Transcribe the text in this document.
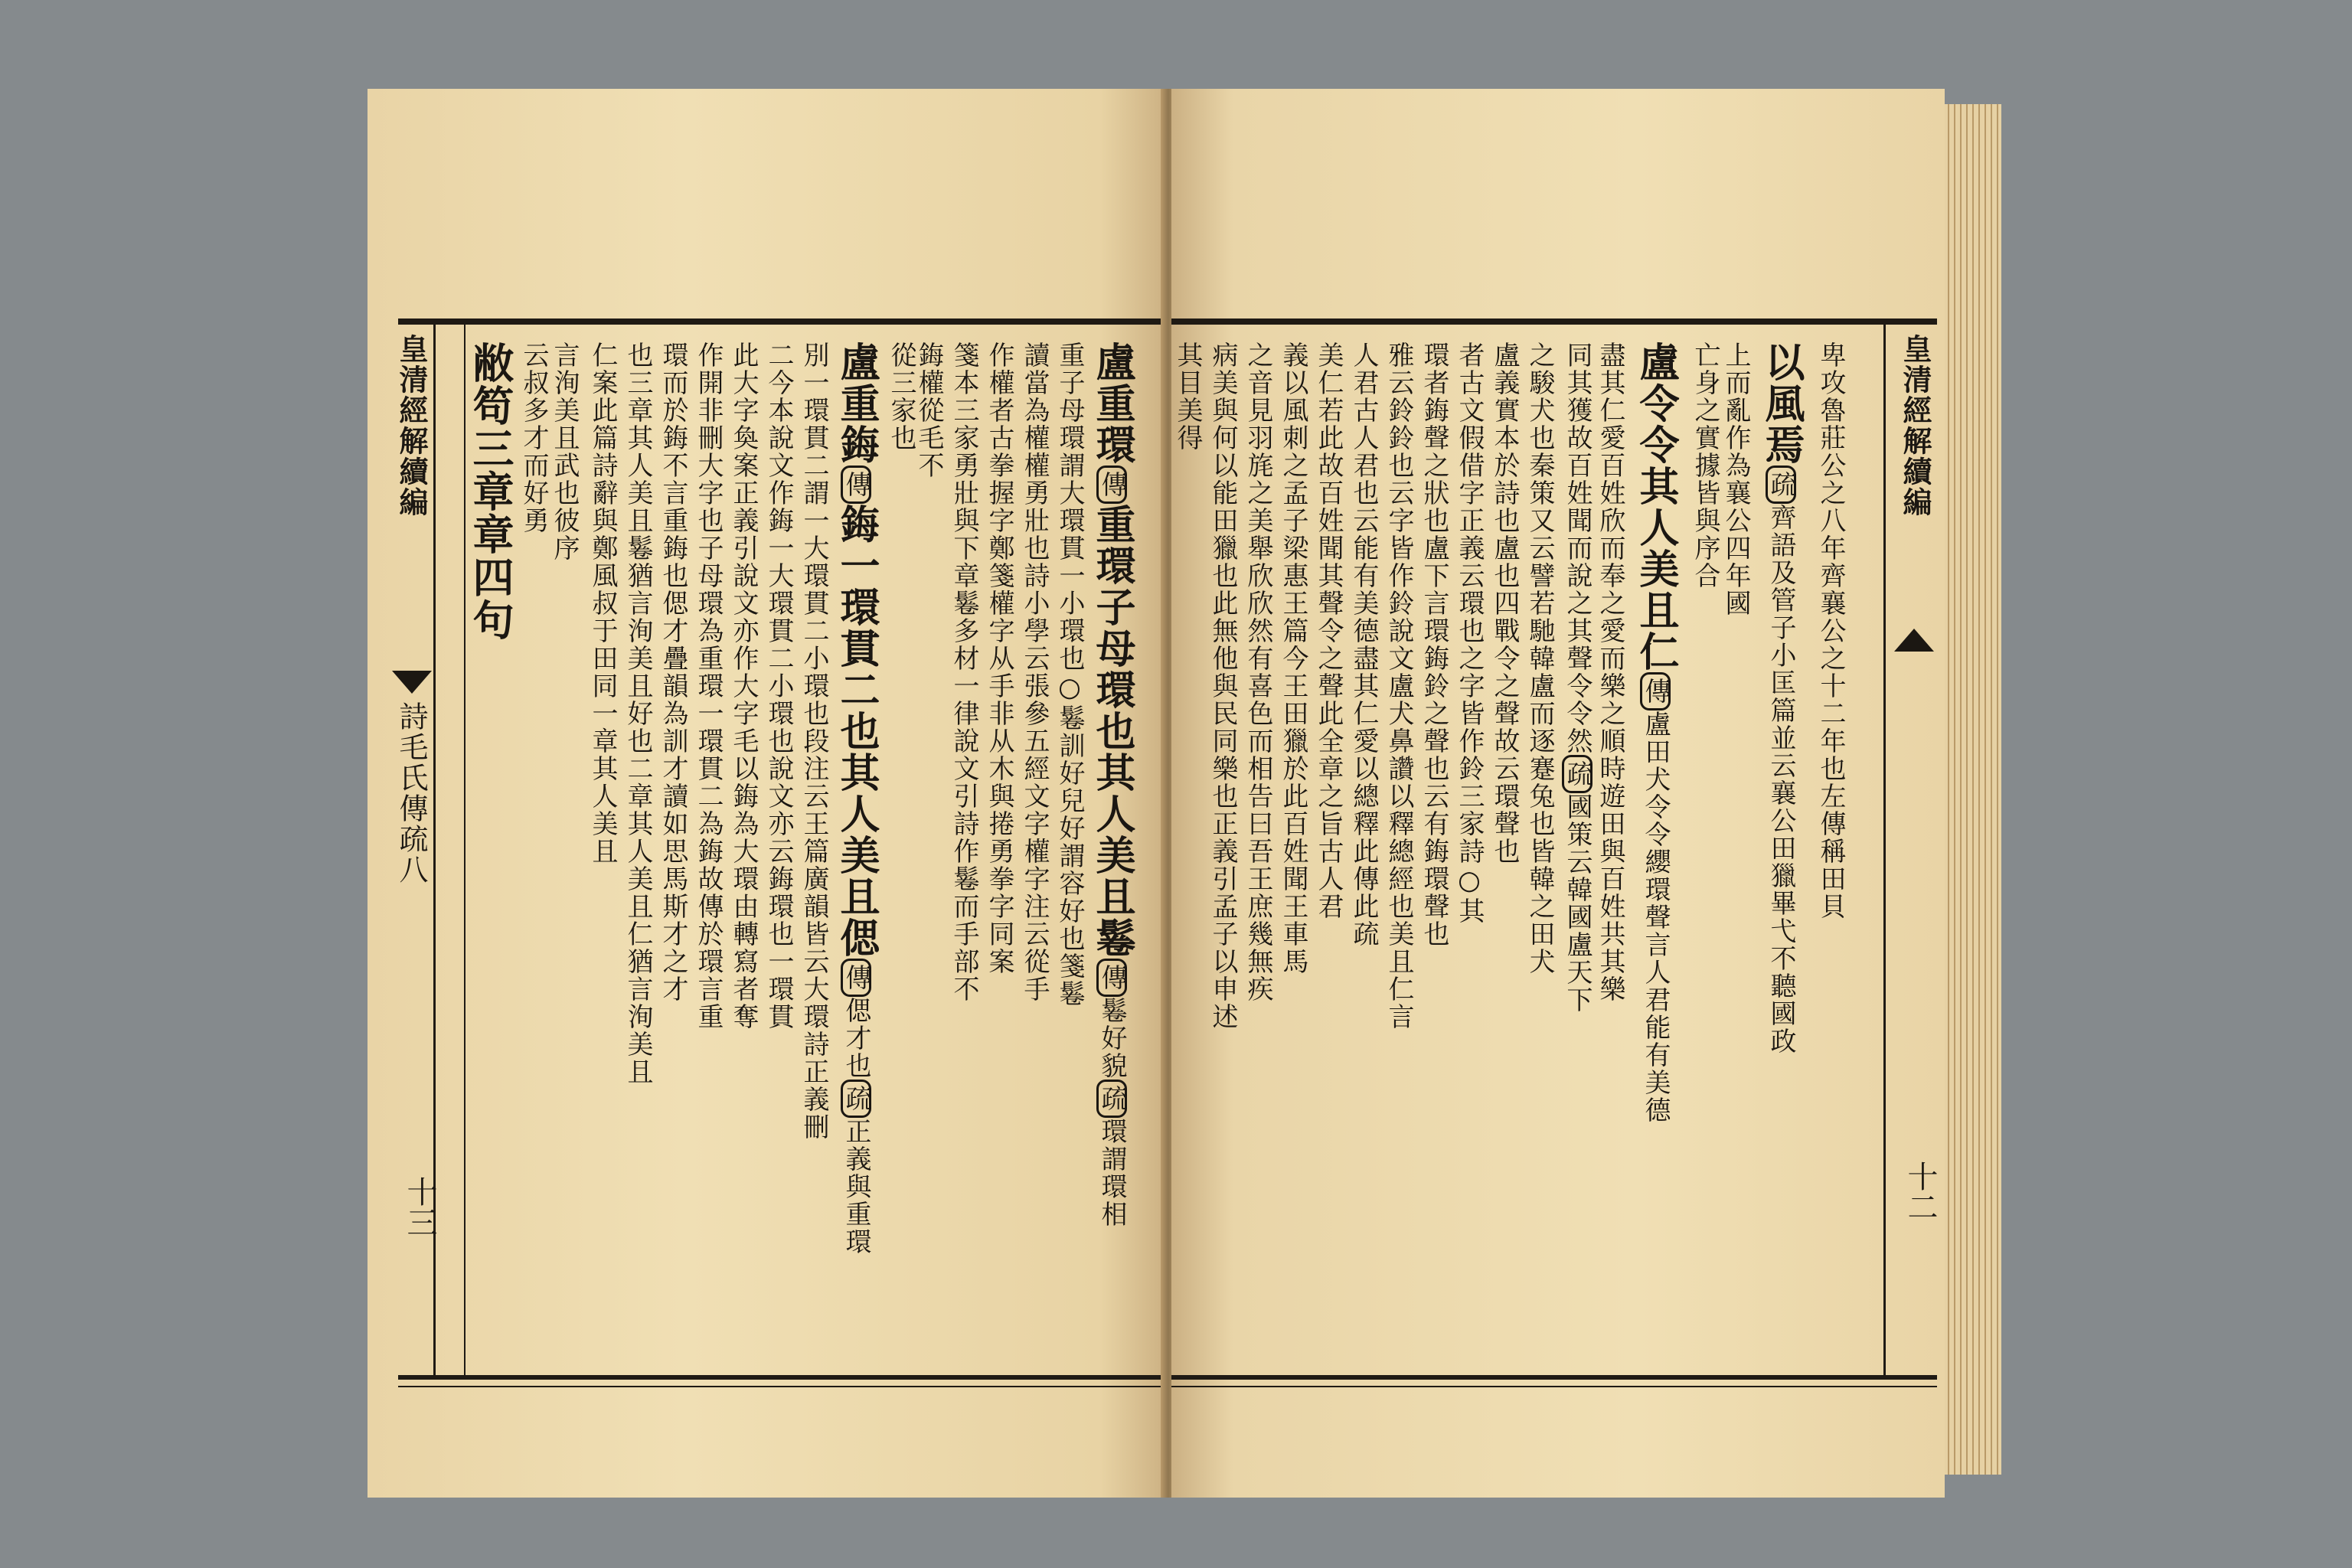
皇清經解續編
詩毛氏傳疏八
十三
敝笱三章章四句 云叔多才而好勇 言洵美且武也彼序 仁案此篇詩辭與鄭風叔于田同一章其人美且 也三章其人美且鬈猶言洵美且好也二章其人美且仁猶言洵美且 環而於鋂不言重鋂也偲才疊韻為訓才讀如思馬斯才之才 作開非刪大字也子母環為重環一環貫二為鋂故傳於環言重 此大字奐案正義引說文亦作大字毛以鋂為大環由轉寫者奪 二今本說文作鋂一大環貫二小環也說文亦云鋂環也一環貫 別一環貫二謂一大環貫二小環也段注云王篇廣韻皆云大環詩正義刪 盧重鋂傳鋂一環貫二也其人美且偲傳偲才也疏正義與重環
從三家也
鋂權從毛不 箋本三家勇壯與下章鬈多材一律說文引詩作鬈而手部不 作權者古拳握字鄭箋權字从手非从木與捲勇拳字同案 讀當為權權勇壯也詩小學云張參五經文字權字注云從手 重子母環謂大環貫一小環也○鬈訓好兒好謂容好也箋鬈 盧重環傳重環子母環也其人美且鬈傳鬈好貌疏環謂環相
皇清經解續編
十二
其目美得 病美與何以能田獵也此無他與民同樂也正義引孟子以申述 之音見羽旄之美舉欣欣然有喜色而相告曰吾王庶幾無疾 義以風刺之孟子梁惠王篇今王田獵於此百姓聞王車馬 美仁若此故百姓聞其聲令之聲此全章之旨古人君 人君古人君也云能有美德盡其仁愛以總釋此傳此疏 雅云鈴鈴也云字皆作鈴說文盧犬鼻讚以釋總經也美且仁言 環者鋂聲之狀也盧下言環鋂鈴之聲也云有鋂環聲也 者古文假借字正義云環也之字皆作鈴三家詩○其 盧義實本於詩也盧也四戰令之聲故云環聲也 之駿犬也秦策又云譬若馳韓盧而逐蹇兔也皆韓之田犬 同其獲故百姓聞而說之其聲令令然疏國策云韓國盧天下 盡其仁愛百姓欣而奉之愛而樂之順時遊田與百姓共其樂 盧令令其人美且仁傳盧田犬令令纓環聲言人君能有美德
亡身之實據皆與序合 上而亂作為襄公四年國 以風焉疏齊語及管子小匡篇並云襄公田獵畢弋不聽國政 卑攻魯莊公之八年齊襄公之十二年也左傳稱田貝
